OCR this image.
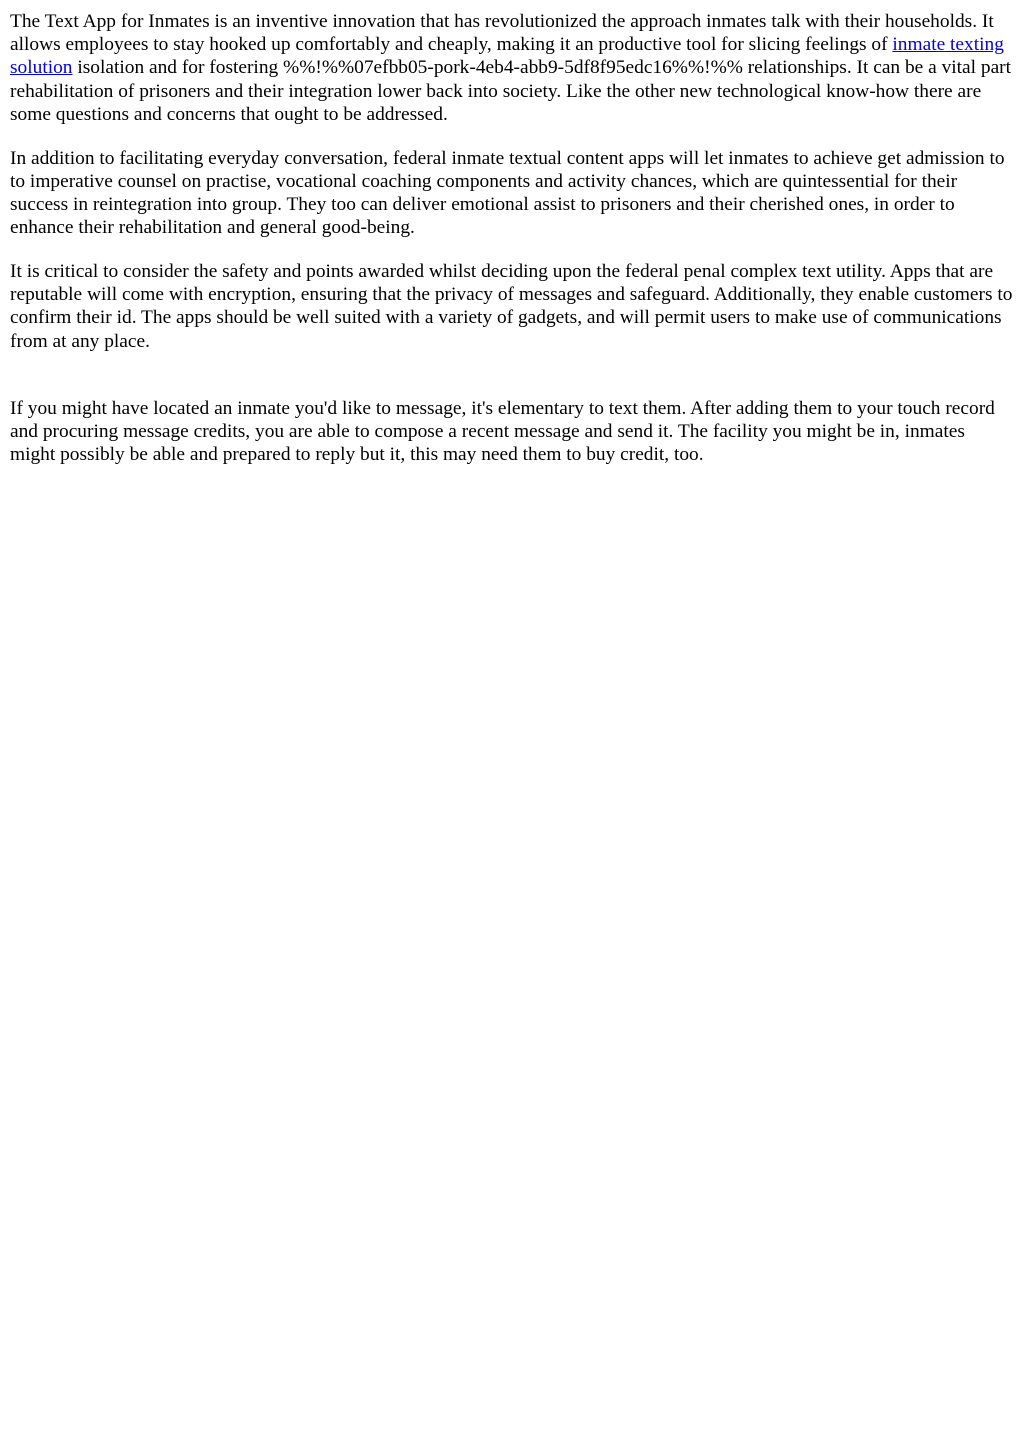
The Text App for Inmates is an inventive innovation that has revolutionized the approach inmates talk with their households. It allows employees to stay hooked up comfortably and cheaply, making it an productive tool for slicing feelings of inmate texting solution isolation and for fostering %%!%%07efbb05-pork-4eb4-abb9-5df8f95edc16%%!%% relationships. It can be a vital part rehabilitation of prisoners and their integration lower back into society. Like the other new technological know-how there are some questions and concerns that ought to be addressed.

In addition to facilitating everyday conversation, federal inmate textual content apps will let inmates to achieve get admission to to imperative counsel on practise, vocational coaching components and activity chances, which are quintessential for their success in reintegration into group. They too can deliver emotional assist to prisoners and their cherished ones, in order to enhance their rehabilitation and general good-being.

It is critical to consider the safety and points awarded whilst deciding upon the federal penal complex text utility. Apps that are reputable will come with encryption, ensuring that the privacy of messages and safeguard. Additionally, they enable customers to confirm their id. The apps should be well suited with a variety of gadgets, and will permit users to make use of communications from at any place.

If you might have located an inmate you'd like to message, it's elementary to text them. After adding them to your touch record and procuring message credits, you are able to compose a recent message and send it. The facility you might be in, inmates might possibly be able and prepared to reply but it, this may need them to buy credit, too.
